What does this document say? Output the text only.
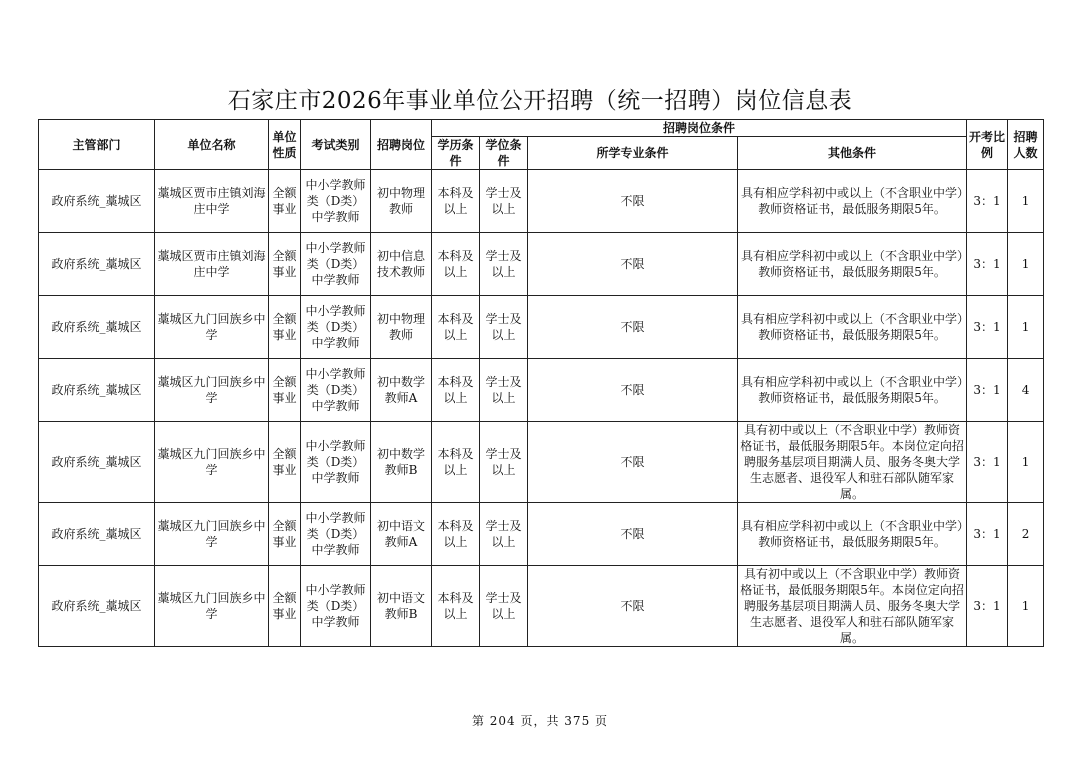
石家庄市2026年事业单位公开招聘（统一招聘）岗位信息表
主管部门	单位名称	单位性质	考试类别	招聘岗位	招聘岗位条件				开考比例	招聘人数
					学历条件	学位条件	所学专业条件	其他条件		
政府系统_藁城区	藁城区贾市庄镇刘海庄中学	全额事业	中小学教师类（D类）中学教师	初中物理教师	本科及以上	学士及以上	不限	具有相应学科初中或以上（不含职业中学）教师资格证书，最低服务期限5年。	3：1	1
政府系统_藁城区	藁城区贾市庄镇刘海庄中学	全额事业	中小学教师类（D类）中学教师	初中信息技术教师	本科及以上	学士及以上	不限	具有相应学科初中或以上（不含职业中学）教师资格证书，最低服务期限5年。	3：1	1
政府系统_藁城区	藁城区九门回族乡中学	全额事业	中小学教师类（D类）中学教师	初中物理教师	本科及以上	学士及以上	不限	具有相应学科初中或以上（不含职业中学）教师资格证书，最低服务期限5年。	3：1	1
政府系统_藁城区	藁城区九门回族乡中学	全额事业	中小学教师类（D类）中学教师	初中数学教师A	本科及以上	学士及以上	不限	具有相应学科初中或以上（不含职业中学）教师资格证书，最低服务期限5年。	3：1	4
政府系统_藁城区	藁城区九门回族乡中学	全额事业	中小学教师类（D类）中学教师	初中数学教师B	本科及以上	学士及以上	不限	具有初中或以上（不含职业中学）教师资格证书，最低服务期限5年。本岗位定向招聘服务基层项目期满人员、服务冬奥大学生志愿者、退役军人和驻石部队随军家属。	3：1	1
政府系统_藁城区	藁城区九门回族乡中学	全额事业	中小学教师类（D类）中学教师	初中语文教师A	本科及以上	学士及以上	不限	具有相应学科初中或以上（不含职业中学）教师资格证书，最低服务期限5年。	3：1	2
政府系统_藁城区	藁城区九门回族乡中学	全额事业	中小学教师类（D类）中学教师	初中语文教师B	本科及以上	学士及以上	不限	具有初中或以上（不含职业中学）教师资格证书，最低服务期限5年。本岗位定向招聘服务基层项目期满人员、服务冬奥大学生志愿者、退役军人和驻石部队随军家属。	3：1	1
第 204 页，共 375 页
